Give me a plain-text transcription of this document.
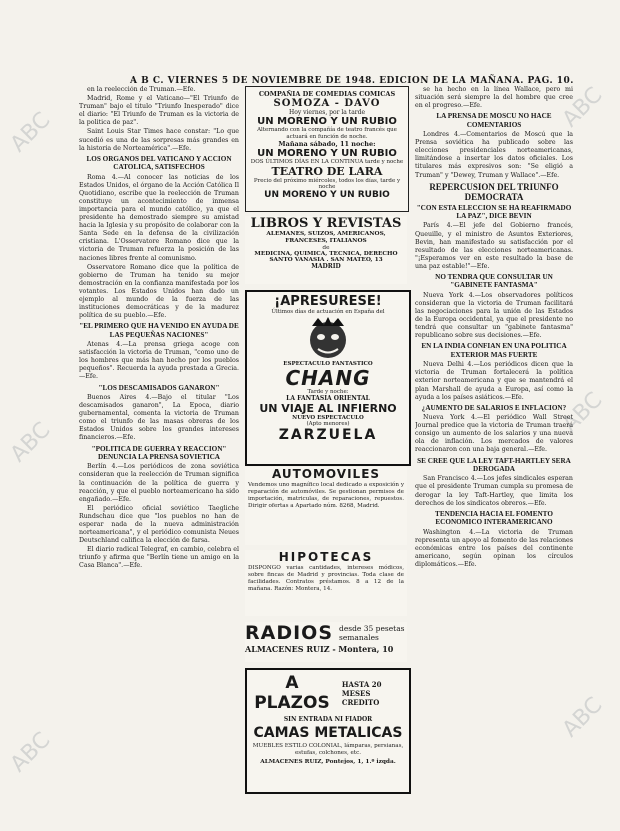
ABC
ABC
ABC
ABC
ABC
ABC
A B C. VIERNES 5 DE NOVIEMBRE DE 1948. EDICION DE LA MAÑANA. PAG. 10.

en la reelección de Truman.—Efe.

Madrid, Rome y el Vaticano—"El Triunfo de Truman" bajo el titulo "Triunfo Inesperado" dice el diario: "El Triunfo de Truman es la victoria de la politica de paz".

Saint Louis Star Times hace constar: "Lo que sucedió es una de las sorpresas más grandes en la historia de Norteamérica".—Efe.

LOS ORGANOS DEL VATICANO Y ACCION CATOLICA, SATISFECHOS

Roma 4.—Al conocer las noticias de los Estados Unidos, el órgano de la Acción Católica Il Quotidiano, escribe que la reelección de Truman constituye un acontecimiento de inmensa importancia para el mundo católico, ya que el presidente ha demostrado siempre su amistad hacia la Iglesia y su propósito de colaborar con la Santa Sede en la defensa de la civilización cristiana. L'Osservatore Romano dice que la victoria de Truman refuerza la posición de las naciones libres frente al comunismo.

Osservatore Romano dice que la política de gobierno de Truman ha tenido su mejor demostración en la confianza manifestada por los votantes. Los Estados Unidos han dado un ejemplo al mundo de la fuerza de las instituciones democráticas y de la madurez política de su pueblo.—Efe.

"EL PRIMERO QUE HA VENIDO EN AYUDA DE LAS PEQUEÑAS NACIONES"

Atenas 4.—La prensa griega acoge con satisfacción la victoria de Truman, "como uno de los hombres que más han hecho por los pueblos pequeños". Recuerda la ayuda prestada a Grecia.—Efe.

"LOS DESCAMISADOS GANARON"

Buenos Aires 4.—Bajo el titular "Los descamisados ganaron", La Epoca, diario gubernamental, comenta la victoria de Truman como el triunfo de las masas obreras de los Estados Unidos sobre los grandes intereses financieros.—Efe.

"POLITICA DE GUERRA Y REACCION" DENUNCIA LA PRENSA SOVIETICA

Berlín 4.—Los periódicos de zona soviética consideran que la reelección de Truman significa la continuación de la política de guerra y reacción, y que el pueblo norteamericano ha sido engañado.—Efe.

El periódico oficial soviético Taegliche Rundschau dice que "los pueblos no han de esperar nada de la nueva administración norteamericana", y el periódico comunista Neues Deutschland califica la elección de farsa.

El diario radical Telegraf, en cambio, celebra el triunfo y afirma que "Berlín tiene un amigo en la Casa Blanca".—Efe.

COMPAÑIA DE COMEDIAS COMICAS
SOMOZA - DAVO
Hoy viernes, por la tarde
UN MORENO Y UN RUBIO
Alternando con la compañía de teatro francés que actuará en función de noche.
Mañana sábado, 11 noche:
UN MORENO Y UN RUBIO
DOS ÚLTIMOS DÍAS EN LA CONTINUA tarde y noche
TEATRO DE LARA
Precio del próximo miércoles, todos los días, tarde y noche
UN MORENO Y UN RUBIO
LIBROS Y REVISTAS
ALEMANES, SUIZOS, AMERICANOS, FRANCESES, ITALIANOS
de
MEDICINA, QUIMICA, TECNICA, DERECHO
SANTO VANASIA . SAN MATEO, 13
MADRID
¡APRESURESE!
Últimos días de actuación en España del
ESPECTACULO FANTASTICO
CHANG
Tarde y noche:
LA FANTASIA ORIENTAL
UN VIAJE AL INFIERNO
NUEVO ESPECTACULO
(Apto menores)
ZARZUELA
AUTOMOVILES
Vendemos uno magnífico local dedicado a exposición y reparación de automóviles. Se gestionan permisos de importación, matriculas, de reparaciones, repuestos. Dirigir ofertas a Apartado núm. 8268, Madrid.
HIPOTECAS
DISPONGO varias cantidades, intereses módicos, sobre fincas de Madrid y provincias. Toda clase de facilidades. Contratos préstamos. 8 a 12 de la mañana. Razón: Montera, 14.
RADIOS desde 35 pesetas semanales
ALMACENES RUIZ - Montera, 10
A PLAZOS
HASTA 20 MESES
CREDITO
SIN ENTRADA NI FIADOR
CAMAS METALICAS
MUEBLES ESTILO COLONIAL, lámparas, persianas, estufas, colchones, etc.
ALMACENES RUIZ, Pontejos, 1, 1.º izqda.

se ha hecho en la línea Wallace, pero mi situación será siempre la del hombre que cree en el progreso.—Efe.

LA PRENSA DE MOSCU NO HACE COMENTARIOS

Londres 4.—Comentarios de Moscú que la Prensa soviética ha publicado sobre las elecciones presidenciales norteamericanas, limitándose a insertar los datos oficiales. Los titulares más expresivos son: "Se eligió a Truman" y "Dewey, Truman y Wallace".—Efe.

REPERCUSION DEL TRIUNFO DEMOCRATA
"CON ESTA ELECCION SE HA REAFIRMADO LA PAZ", DICE BEVIN

París 4.—El jefe del Gobierno francés, Queuille, y el ministro de Asuntos Exteriores, Bevin, han manifestado su satisfacción por el resultado de las elecciones norteamericanas. "¡Esperamos ver en este resultado la base de una paz estable!"—Efe.

NO TENDRA QUE CONSULTAR UN "GABINETE FANTASMA"

Nueva York 4.—Los observadores políticos consideran que la victoria de Truman facilitará las negociaciones para la unión de las Estados de la Europa occidental, ya que el presidente no tendrá que consultar un "gabinete fantasma" republicano sobre sus decisiones.—Efe.

EN LA INDIA CONFIAN EN UNA POLITICA EXTERIOR MAS FUERTE

Nueva Delhi 4.—Los periódicos dicen que la victoria de Truman fortalecerá la política exterior norteamericana y que se mantendrá el plan Marshall de ayuda a Europa, así como la ayuda a los países asiáticos.—Efe.

¿AUMENTO DE SALARIOS E INFLACION?

Nueva York 4.—El periódico Wall Street Journal predice que la victoria de Truman traerá consigo un aumento de los salarios y una nueva ola de inflación. Los mercados de valores reaccionaron con una baja general.—Efe.

SE CREE QUE LA LEY TAFT-HARTLEY SERA DEROGADA

San Francisco 4.—Los jefes sindicales esperan que el presidente Truman cumpla su promesa de derogar la ley Taft-Hartley, que limita los derechos de los sindicatos obreros.—Efe.

TENDENCIA HACIA EL FOMENTO ECONOMICO INTERAMERICANO

Washington 4.—La victoria de Truman representa un apoyo al fomento de las relaciones económicas entre los países del continente americano, según opinan los círculos diplomáticos.—Efe.
